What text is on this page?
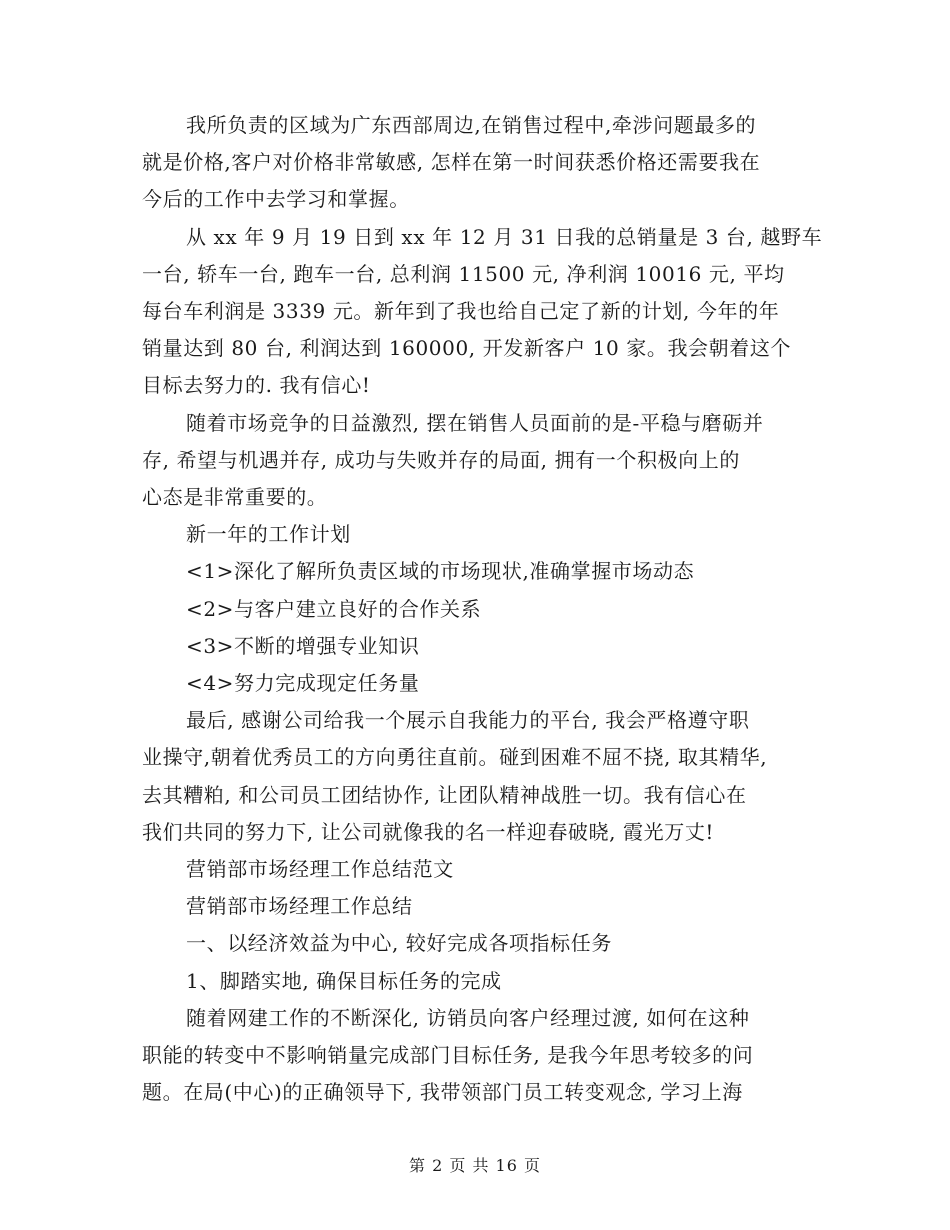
我所负责的区域为广东西部周边,在销售过程中,牵涉问题最多的

就是价格,客户对价格非常敏感, 怎样在第一时间获悉价格还需要我在

今后的工作中去学习和掌握。

从 xx 年 9 月 19 日到 xx 年 12 月 31 日我的总销量是 3 台, 越野车

一台, 轿车一台, 跑车一台, 总利润 11500 元, 净利润 10016 元, 平均

每台车利润是 3339 元。新年到了我也给自己定了新的计划, 今年的年

销量达到 80 台, 利润达到 160000, 开发新客户 10 家。我会朝着这个

目标去努力的. 我有信心!

随着市场竞争的日益激烈, 摆在销售人员面前的是-平稳与磨砺并

存, 希望与机遇并存, 成功与失败并存的局面, 拥有一个积极向上的

心态是非常重要的。

新一年的工作计划

<1>深化了解所负责区域的市场现状,准确掌握市场动态

<2>与客户建立良好的合作关系

<3>不断的增强专业知识

<4>努力完成现定任务量

最后, 感谢公司给我一个展示自我能力的平台, 我会严格遵守职

业操守,朝着优秀员工的方向勇往直前。碰到困难不屈不挠, 取其精华,

去其糟粕, 和公司员工团结协作, 让团队精神战胜一切。我有信心在

我们共同的努力下, 让公司就像我的名一样迎春破晓, 霞光万丈!

营销部市场经理工作总结范文

营销部市场经理工作总结

一、以经济效益为中心, 较好完成各项指标任务

1、脚踏实地, 确保目标任务的完成

随着网建工作的不断深化, 访销员向客户经理过渡, 如何在这种

职能的转变中不影响销量完成部门目标任务, 是我今年思考较多的问

题。在局(中心)的正确领导下, 我带领部门员工转变观念, 学习上海

第 2 页 共 16 页
